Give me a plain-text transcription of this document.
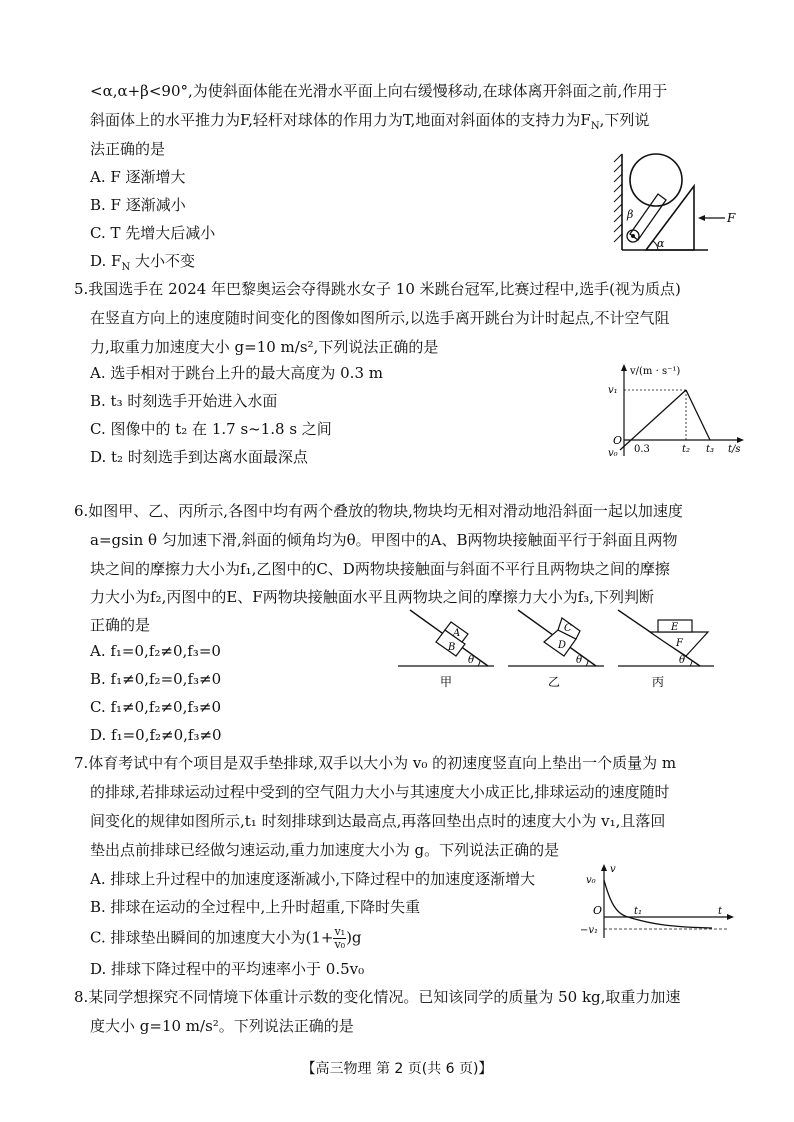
<α,α+β<90°,为使斜面体能在光滑水平面上向右缓慢移动,在球体离开斜面之前,作用于
斜面体上的水平推力为F,轻杆对球体的作用力为T,地面对斜面体的支持力为$F_N$,下列说
法正确的是
A. F 逐渐增大
B. F 逐渐减小
C. T 先增大后减小
D. $F_N$ 大小不变
α
β	F
5.我国选手在 2024 年巴黎奥运会夺得跳水女子 10 米跳台冠军,比赛过程中,选手(视为质点)
在竖直方向上的速度随时间变化的图像如图所示,以选手离开跳台为计时起点,不计空气阻
力,取重力加速度大小 g=10 m/s²,下列说法正确的是
A. 选手相对于跳台上升的最大高度为 0.3 m
B. t₃ 时刻选手开始进入水面
C. 图像中的 t₂ 在 1.7 s~1.8 s 之间
D. t₂ 时刻选手到达离水面最深点
v/(m · s⁻¹)
v₁
v₀
O
0.3	t₂ t₃ t/s
6.如图甲、乙、丙所示,各图中均有两个叠放的物块,物块均无相对滑动地沿斜面一起以加速度
a=gsin θ 匀加速下滑,斜面的倾角均为θ。甲图中的A、B两物块接触面平行于斜面且两物
块之间的摩擦力大小为f₁,乙图中的C、D两物块接触面与斜面不平行且两物块之间的摩擦
力大小为f₂,丙图中的E、F两物块接触面水平且两物块之间的摩擦力大小为f₃,下列判断
正确的是
A. f₁=0,f₂≠0,f₃=0
B. f₁≠0,f₂=0,f₃≠0
C. f₁≠0,f₂≠0,f₃≠0
D. f₁=0,f₂≠0,f₃≠0
A
B
θ
甲
C
D
θ
乙
E
F
θ
丙
7.体育考试中有个项目是双手垫排球,双手以大小为 v₀ 的初速度竖直向上垫出一个质量为 m
的排球,若排球运动过程中受到的空气阻力大小与其速度大小成正比,排球运动的速度随时
间变化的规律如图所示,t₁ 时刻排球到达最高点,再落回垫出点时的速度大小为 v₁,且落回
垫出点前排球已经做匀速运动,重力加速度大小为 g。下列说法正确的是
A. 排球上升过程中的加速度逐渐减小,下降过程中的加速度逐渐增大
B. 排球在运动的全过程中,上升时超重,下降时失重
C. 排球垫出瞬间的加速度大小为$(1+ \frac{\text{v₁}}{\text{v₀}} )g$
D. 排球下降过程中的平均速率小于 0.5v₀
v
v₀
O	t₁	t
−v₁
8.某同学想探究不同情境下体重计示数的变化情况。已知该同学的质量为 50 kg,取重力加速
度大小 g=10 m/s²。下列说法正确的是
【高三物理 第 2 页(共 6 页)】
